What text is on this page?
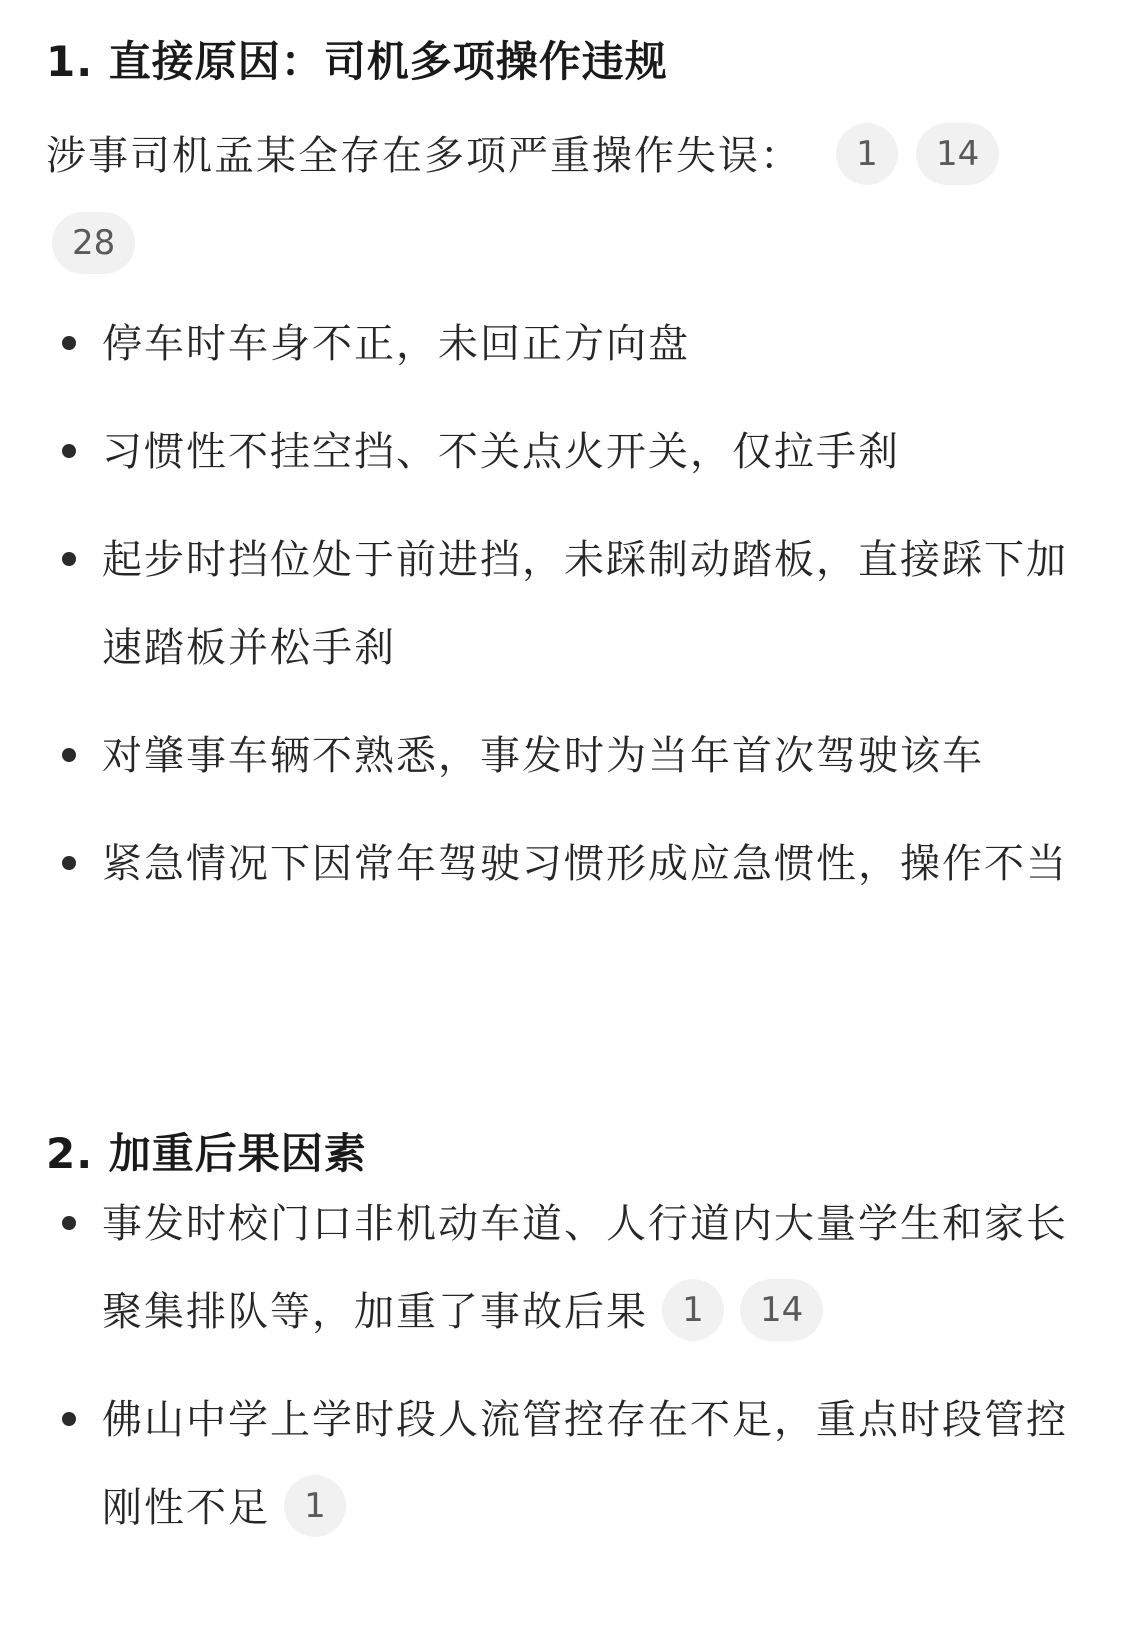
1. 直接原因：司机多项操作违规
涉事司机孟某全存在多项严重操作失误： 1 1428
停车时车身不正，未回正方向盘
习惯性不挂空挡、不关点火开关，仅拉手刹
起步时挡位处于前进挡，未踩制动踏板，直接踩下加速踏板并松手刹
对肇事车辆不熟悉，事发时为当年首次驾驶该车
紧急情况下因常年驾驶习惯形成应急惯性，操作不当
2. 加重后果因素
事发时校门口非机动车道、人行道内大量学生和家长聚集排队等，加重了事故后果 1 14
佛山中学上学时段人流管控存在不足，重点时段管控刚性不足 1
